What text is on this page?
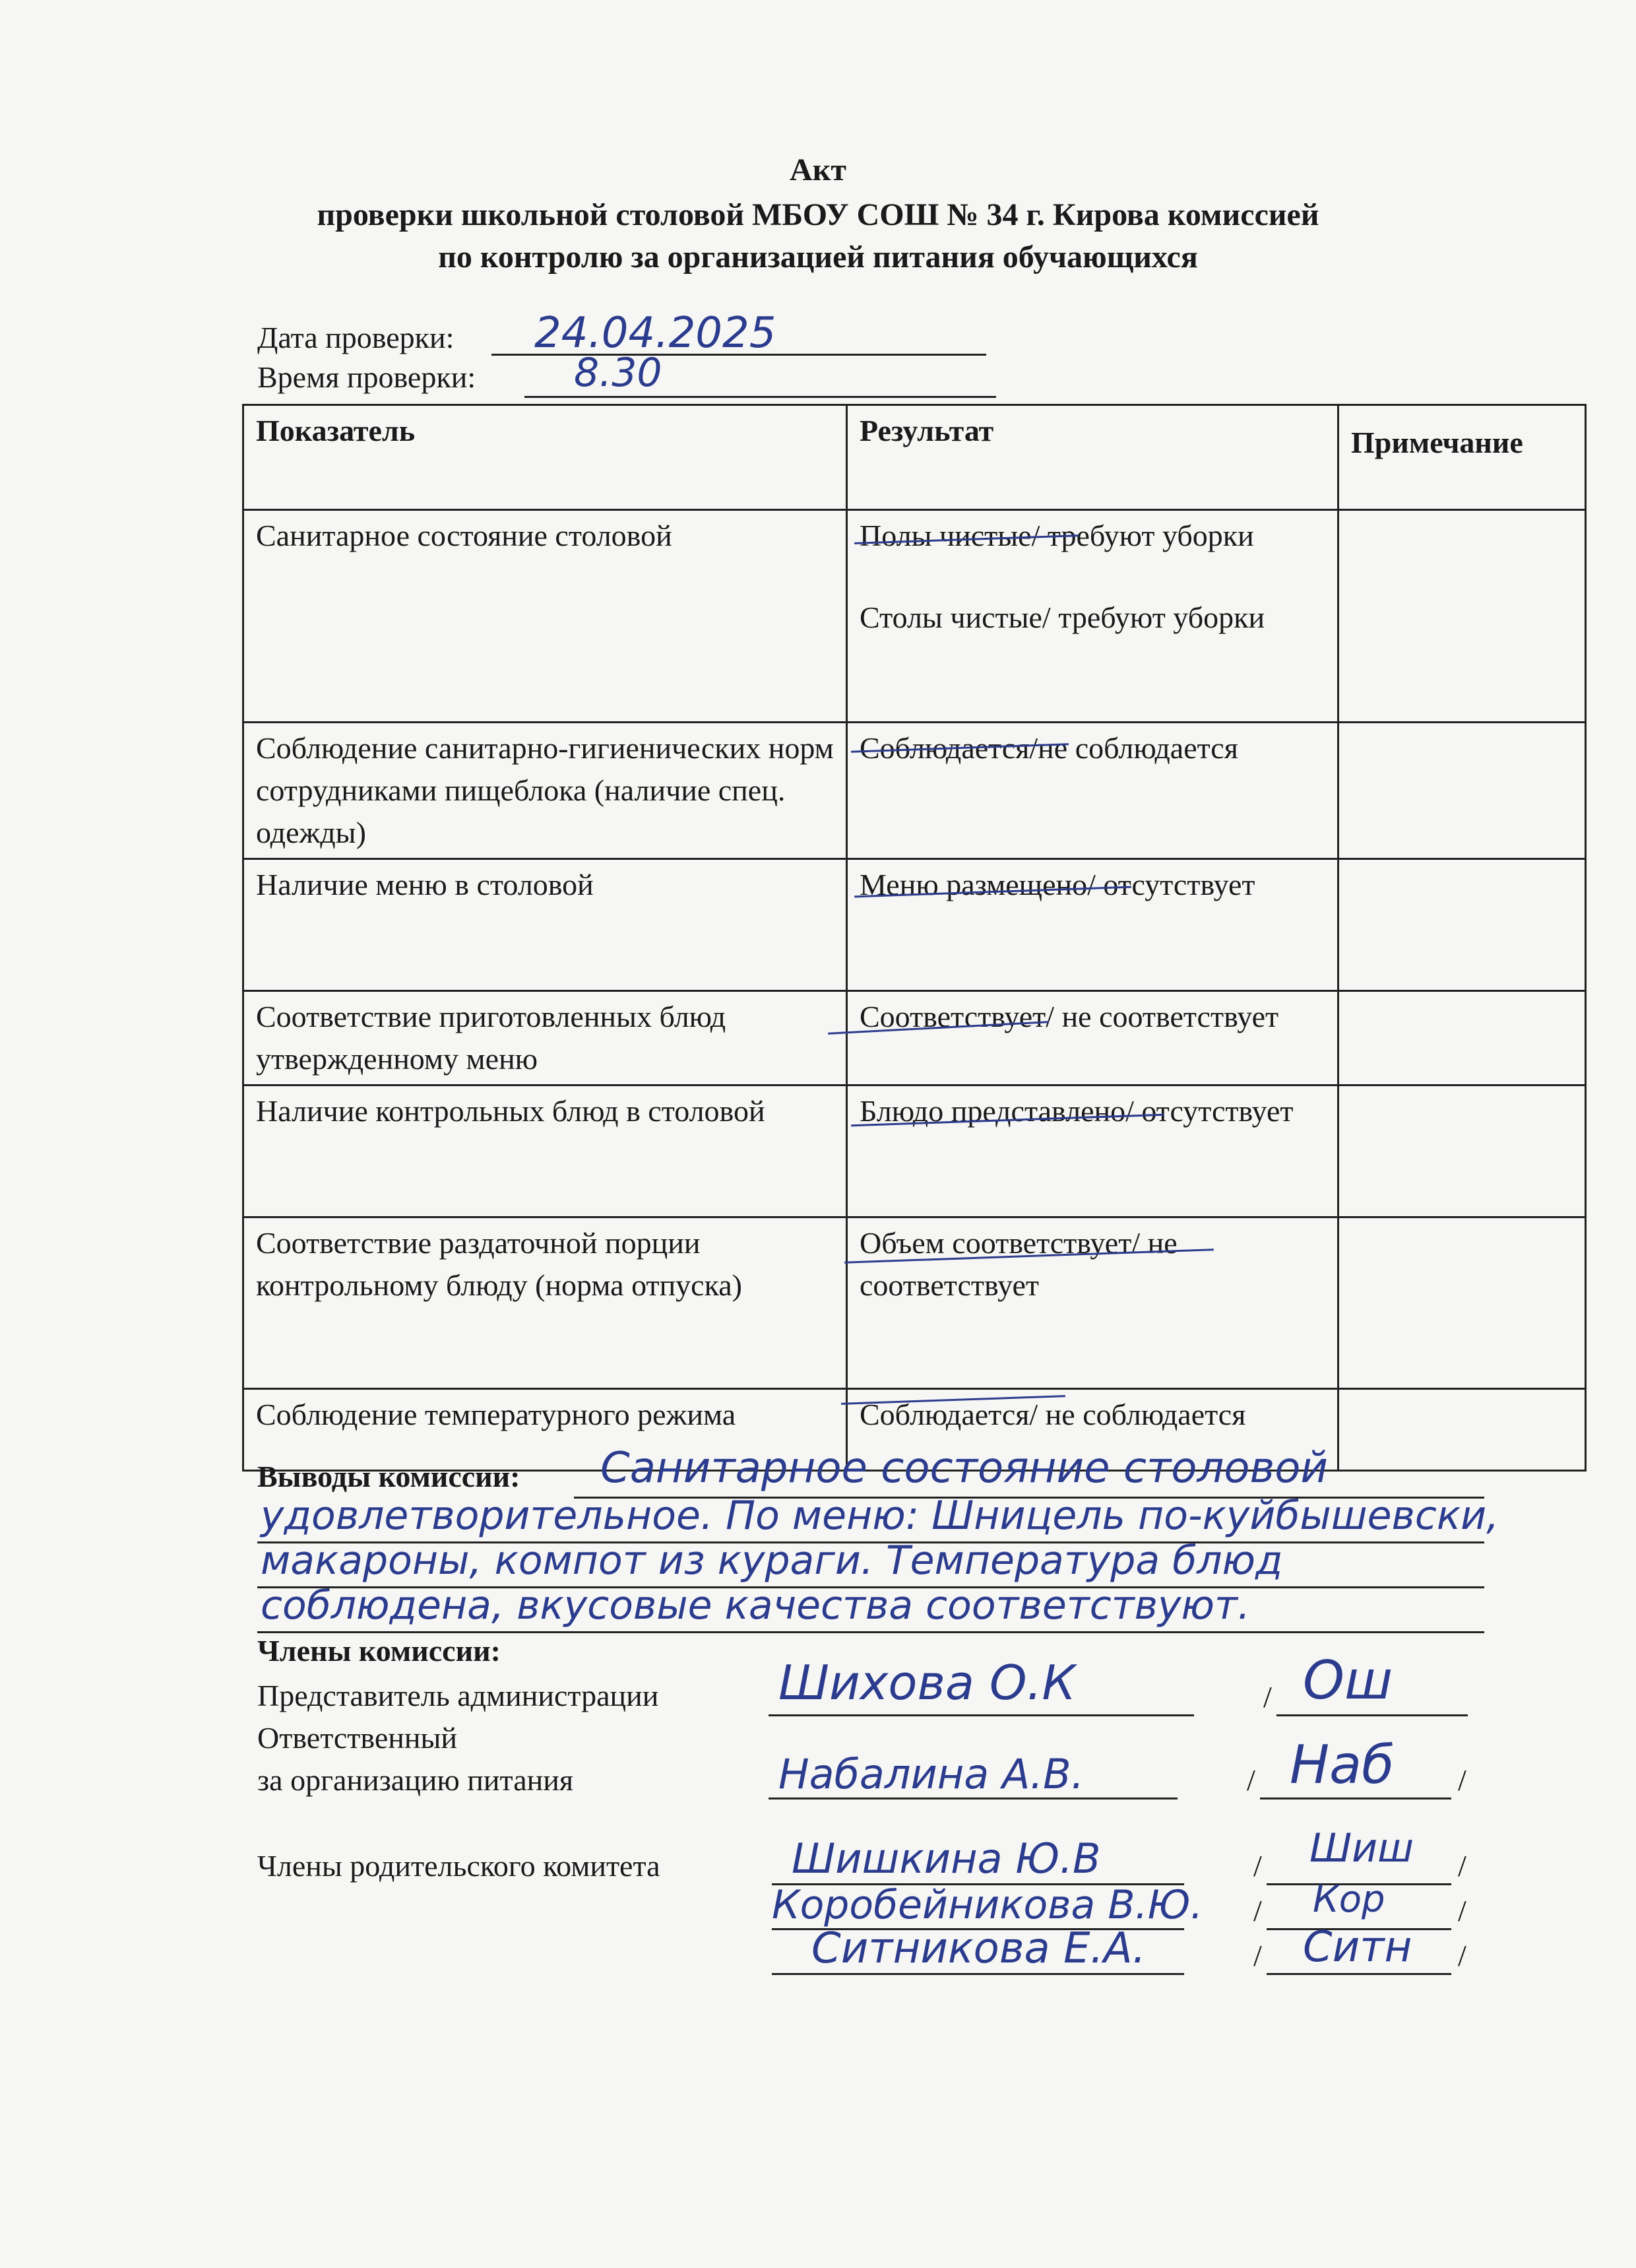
Акт
проверки школьной столовой МБОУ СОШ № 34 г. Кирова комиссией
по контролю за организацией питания обучающихся
Дата проверки: 24.04.2025
Время проверки: 8.30
Показатель	Результат	Примечание
Санитарное состояние столовой	Полы чистые/ требуют уборки
Столы чистые/ требуют уборки	

Соблюдение санитарно-гигиенических норм сотрудниками пищеблока (наличие спец. одежды)	Соблюдается/не соблюдается	
Наличие меню в столовой	Меню размещено/ отсутствует	
Соответствие приготовленных блюд утвержденному меню	Соответствует/ не соответствует	
Наличие контрольных блюд в столовой	Блюдо представлено/ отсутствует	
Соответствие раздаточной порции контрольному блюду (норма отпуска)	Объем соответствует/ не соответствует	
Соблюдение температурного режима	Соблюдается/ не соблюдается	
Выводы комиссии: Санитарное состояние столовой
удовлетворительное. По меню: Шницель по-куйбышевски,
макароны, компот из кураги. Температура блюд
соблюдена, вкусовые качества соответствуют.
Члены комиссии:
Представитель администрации	Шихова О.К	/ Ош
Ответственный
за организацию питания	Набалина А.В.	/ Наб /
Члены родительского комитета	Шишкина Ю.В	/ Шиш /
Коробейникова В.Ю. / Кор /
Ситникова Е.А.	/ Ситн /
